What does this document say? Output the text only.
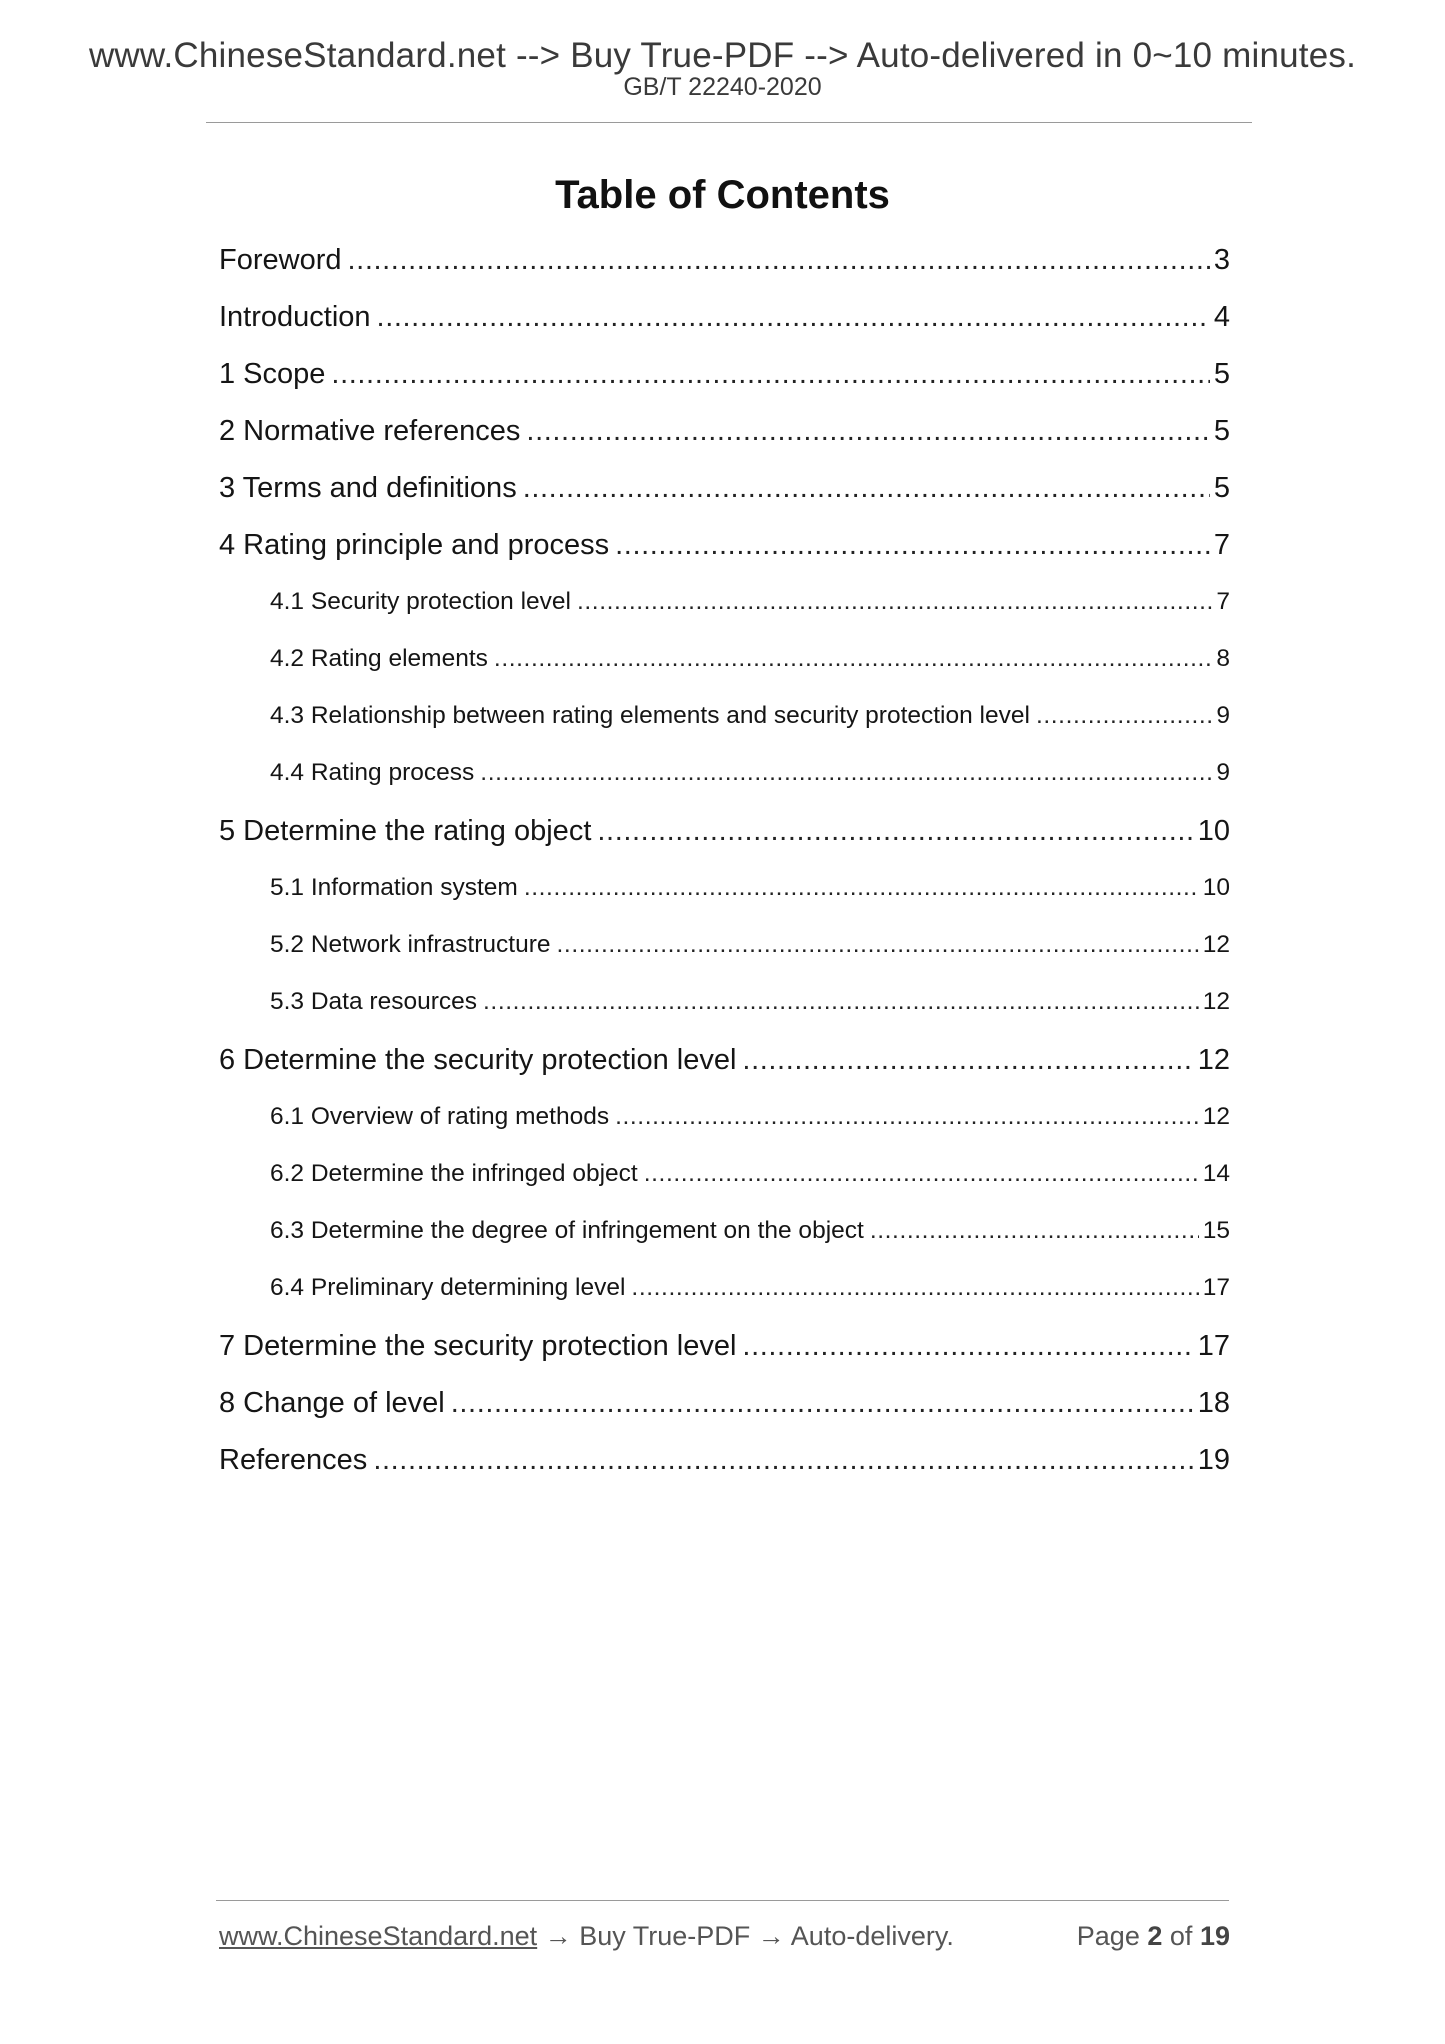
www.ChineseStandard.net --> Buy True-PDF --> Auto-delivered in 0~10 minutes.
GB/T 22240-2020
Table of Contents
Foreword .....	3
Introduction .....	4
1 Scope .....	5
2 Normative references .....	5
3 Terms and definitions .....	5
4 Rating principle and process .....	7
4.1 Security protection level .....	7
4.2 Rating elements .....	8
4.3 Relationship between rating elements and security protection level .....	9
4.4 Rating process .....	9
5 Determine the rating object .....	10
5.1 Information system .....	10
5.2 Network infrastructure .....	12
5.3 Data resources .....	12
6 Determine the security protection level .....	12
6.1 Overview of rating methods .....	12
6.2 Determine the infringed object .....	14
6.3 Determine the degree of infringement on the object .....	15
6.4 Preliminary determining level .....	17
7 Determine the security protection level .....	17
8 Change of level .....	18
References .....	19
www.ChineseStandard.net → Buy True-PDF → Auto-delivery.	Page 2 of 19
